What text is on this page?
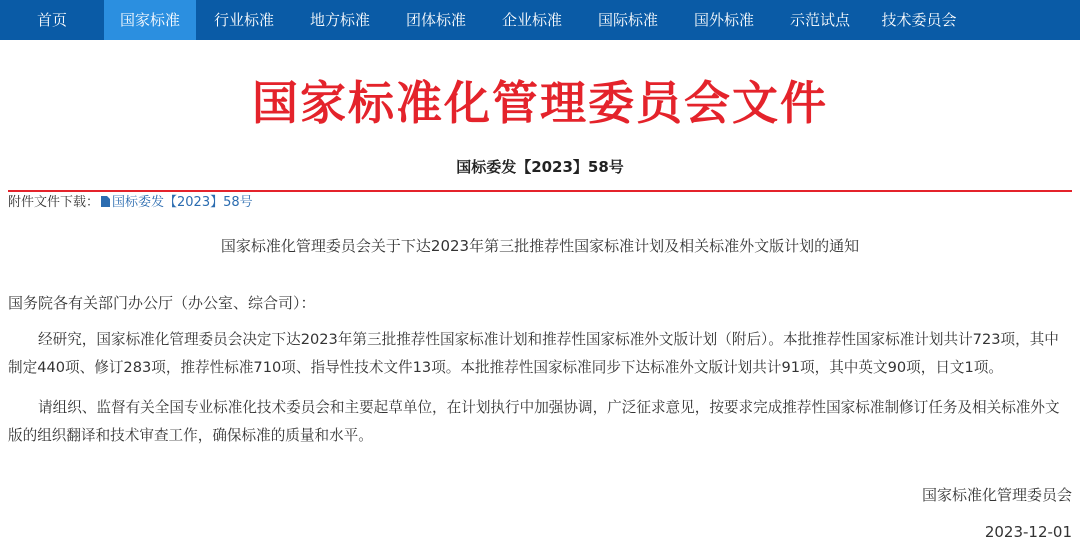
首页	国家标准	行业标准	地方标准	团体标准	企业标准	国际标准	国外标准	示范试点	技术委员会
国家标准化管理委员会文件
国标委发【2023】58号
附件文件下载： 国标委发【2023】58号
国家标准化管理委员会关于下达2023年第三批推荐性国家标准计划及相关标准外文版计划的通知
国务院各有关部门办公厅（办公室、综合司）：

经研究，国家标准化管理委员会决定下达2023年第三批推荐性国家标准计划和推荐性国家标准外文版计划（附后）。本批推荐性国家标准计划共计723项，其中制定440项、修订283项，推荐性标准710项、指导性技术文件13项。本批推荐性国家标准同步下达标准外文版计划共计91项，其中英文90项，日文1项。

请组织、监督有关全国专业标准化技术委员会和主要起草单位，在计划执行中加强协调，广泛征求意见，按要求完成推荐性国家标准制修订任务及相关标准外文版的组织翻译和技术审查工作，确保标准的质量和水平。

国家标准化管理委员会
2023-12-01
